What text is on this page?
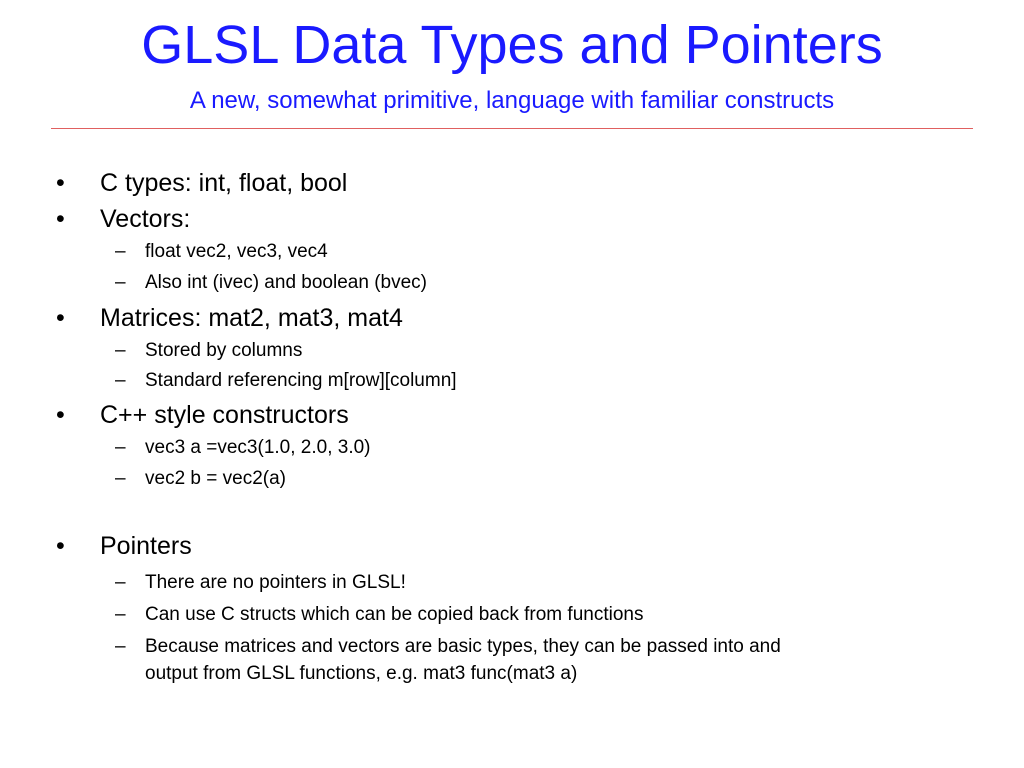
GLSL Data Types and Pointers
A new, somewhat primitive, language with familiar constructs
• C types: int, float, bool
• Vectors:
– float vec2, vec3, vec4
– Also int (ivec) and boolean (bvec)
• Matrices: mat2, mat3, mat4
– Stored by columns
– Standard referencing m[row][column]
• C++ style constructors
– vec3 a =vec3(1.0, 2.0, 3.0)
– vec2 b = vec2(a)
• Pointers
– There are no pointers in GLSL!
– Can use C structs which can be copied back from functions
– Because matrices and vectors are basic types, they can be passed into and
output from GLSL functions, e.g. mat3 func(mat3 a)
